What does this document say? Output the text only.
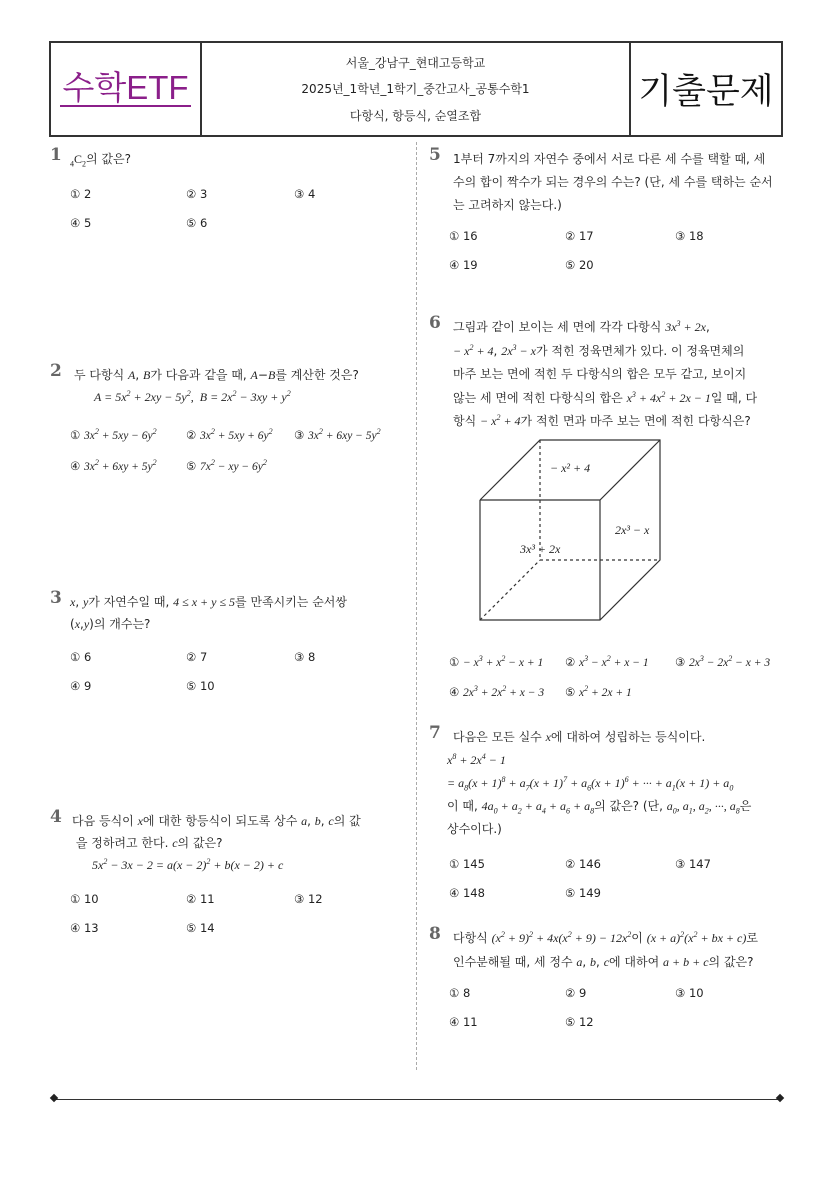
수학ETF
서울_강남구_현대고등학교
2025년_1학년_1학기_중간고사_공통수학1
다항식, 항등식, 순열조합
기출문제
1 $_4C_2$의 값은?
① 2	② 3	③ 4
④ 5	⑤ 6
2 두 다항식 A, B가 다음과 같을 때, A−B를 계산한 것은?
$A = 5x^2 + 2xy - 5y^2$,  $B = 2x^2 - 3xy + y^2$
① $3x^2 + 5xy - 6y^2$	② $3x^2 + 5xy + 6y^2$ ③ $3x^2 + 6xy - 5y^2$
④ $3x^2 + 6xy + 5y^2$	⑤ $7x^2$ − xy − $6y^2$
3 x, y가 자연수일 때, 4 ≤ x + y ≤ 5를 만족시키는 순서쌍
(x,y)의 개수는?
① 6	② 7	③ 8
④ 9	⑤ 10
4 다음 등식이 x에 대한 항등식이 되도록 상수 a, b, c의 값
을 정하려고 한다. c의 값은?
$5x^2 - 3x - 2 = a(x - 2)^2 + b(x - 2) + c$
① 10	② 11	③ 12
④ 13	⑤ 14
5	1부터 7까지의 자연수 중에서 서로 다른 세 수를 택할 때, 세 수의 합이 짝수가 되는 경우의 수는? (단, 세 수를 택하는 순서는 고려하지 않는다.)
① 16	② 17	③ 18
④ 19	⑤ 20
6	그림과 같이 보이는 세 면에 각각 다항식 $3x^3 + 2x$,
− $x^2 + 4$, $2x^3 - x$가 적힌 정육면체가 있다. 이 정육면체의
마주 보는 면에 적힌 두 다항식의 합은 모두 같고, 보이지
않는 세 면에 적힌 다항식의 합은 $x^3 + 4x^2 + 2x - 1$일 때, 다
항식 − $x^2 + 4$가 적힌 면과 마주 보는 면에 적힌 다항식은?
− x² + 4
3x³ + 2x
2x³ − x
① − $x^3 + x^2 - x + 1$ ② $x^3 - x^2 + x - 1$ ③ $2x^3 - 2x^2 - x + 3$
④ $2x^3 + 2x^2 + x - 3$ ⑤ $x^2 + 2x + 1$
7	다음은 모든 실수 x에 대하여 성립하는 등식이다.
$x^8 + 2x^4 - 1$
= $a_8(x + 1)^8 + a_7(x + 1)^7 + a_6(x + 1)^6$ + ··· + $a_1(x + 1) + a_0$
이 때, $4a_0 + a_2 + a_4 + a_6 + a_8$의 값은? (단, $a_0$, $a_1$, $a_2$, ···, $a_8$은
상수이다.)
① 145	② 146	③ 147
④ 148	⑤ 149
8	다항식 $(x^2 + 9)^2 + 4x(x^2 + 9) - 12x^2$이 $(x + a)^2(x^2$ + bx + c)로
인수분해될 때, 세 정수 a, b, c에 대하여 a + b + c의 값은?
① 8	② 9	③ 10
④ 11	⑤ 12
